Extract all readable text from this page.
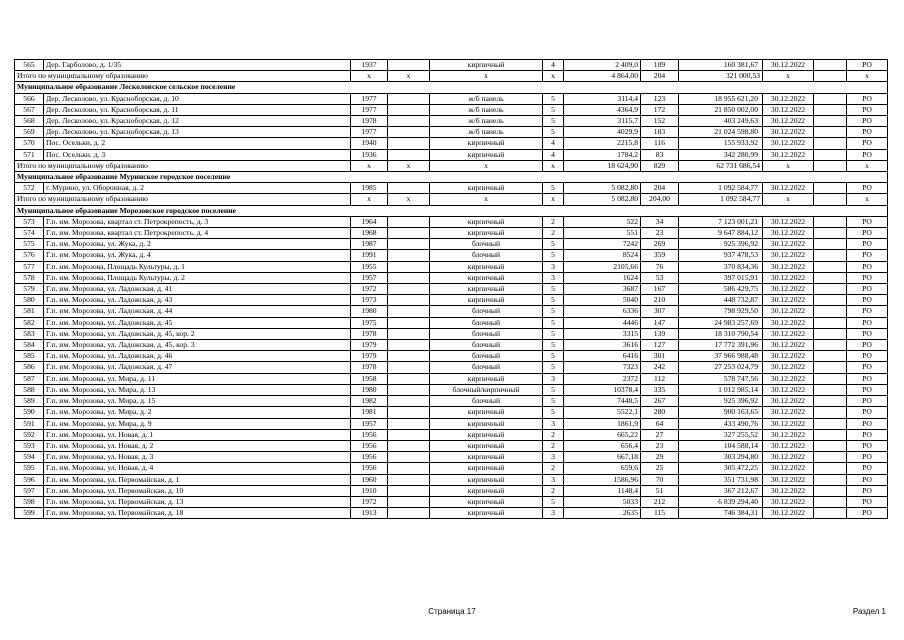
565	Дер. Гарболово, д. 1/35	1937		кирпичный	4	2 409,0	109	160 381,67	30.12.2022		РО
Итого по муниципальному образованию		х	х	х	х	4 864,00	204	321 000,53	х		х
Муниципальное образование Лесколовское сельское поселение											
566	Дер. Лесколово, ул. Красноборская, д. 10	1977		ж/б панель	5	3114,4	123	18 955 621,20	30.12.2022		РО
567	Дер. Лесколово, ул. Красноборская, д. 11	1977		ж/б панель	5	4364,9	172	21 850 002,00	30.12.2022		РО
568	Дер. Лесколово, ул. Красноборская, д. 12	1978		ж/б панель	5	3115,7	152	403 249,63	30.12.2022		РО
569	Дер. Лесколово, ул. Красноборская, д. 13	1977		ж/б панель	5	4029,9	183	21 024 598,80	30.12.2022		РО
570	Пос. Осельки, д. 2	1940		кирпичный	4	2215,8	116	155 933,92	30.12.2022		РО
571	Пос. Осельки, д. 3	1936		кирпичный	4	1784,2	83	342 280,99	30.12.2022		РО
Итого по муниципальному образованию		х	х	х	х	18 624,90	829	62 731 686,54	х		х
Муниципальное образование Муринское городское поселение											
572	г. Мурино, ул. Оборонная, д. 2	1985		кирпичный	5	5 082,80	204	1 092 584,77	30.12.2022		РО
Итого по муниципальному образованию		х	х	х	х	5 082,80	204,00	1 092 584,77	х		х
Муниципальное образование Морозовское городское поселение											
573	Г.п. им. Морозова, квартал ст. Петрокрепость, д. 3	1964		кирпичный	2	522	34	7 123 001,21	30.12.2022		РО
574	Г.п. им. Морозова, квартал ст. Петрокрепость, д. 4	1968		кирпичный	2	551	23	9 647 884,12	30.12.2022		РО
575	Г.п. им. Морозова, ул. Жука, д. 2	1987		блочный	5	7242	269	925 396,92	30.12.2022		РО
576	Г.п. им. Морозова, ул. Жука, д. 4	1991		блочный	5	8524	359	937 478,53	30.12.2022		РО
577	Г.п. им. Морозова, Площадь Культуры, д. 1	1955		кирпичный	3	2105,66	76	370 834,36	30.12.2022		РО
578	Г.п. им. Морозова, Площадь Культуры, д. 2	1957		кирпичный	3	1624	53	397 015,91	30.12.2022		РО
579	Г.п. им. Морозова, ул. Ладожская, д. 41	1972		кирпичный	5	3687	167	586 429,75	30.12.2022		РО
580	Г.п. им. Морозова, ул. Ладожская, д. 43	1973		кирпичный	5	5040	210	448 732,87	30.12.2022		РО
581	Г.п. им. Морозова, ул. Ладожская, д. 44	1980		блочный	5	6336	307	798 929,50	30.12.2022		РО
582	Г.п. им. Морозова, ул. Ладожская, д. 45	1975		блочный	5	4446	147	24 983 257,69	30.12.2022		РО
583	Г.п. им. Морозова, ул. Ладожская, д. 45, кор. 2	1978		блочный	5	3315	139	18 310 790,54	30.12.2022		РО
584	Г.п. им. Морозова, ул. Ладожская, д. 45, кор. 3	1979		блочный	5	3616	127	17 772 391,96	30.12.2022		РО
585	Г.п. им. Морозова, ул. Ладожская, д. 46	1979		блочный	5	6416	301	37 966 988,48	30.12.2022		РО
586	Г.п. им. Морозова, ул. Ладожская, д. 47	1978		блочный	5	7323	242	27 253 024,79	30.12.2022		РО
587	Г.п. им. Морозова, ул. Мира, д. 11	1958		кирпичный	3	2372	112	578 747,56	30.12.2022		РО
588	Г.п. им. Морозова, ул. Мира, д. 13	1980		блочный/кирпичный	5	10378,4	335	1 012 985,14	30.12.2022		РО
589	Г.п. им. Морозова, ул. Мира, д. 15	1982		блочный	5	7448,5	267	925 396,92	30.12.2022		РО
590	Г.п. им. Морозова, ул. Мира, д. 2	1981		кирпичный	5	5522,1	280	900 163,65	30.12.2022		РО
591	Г.п. им. Морозова, ул. Мира, д. 9	1957		кирпичный	3	1861,9	64	433 490,76	30.12.2022		РО
592	Г.п. им. Морозова, ул. Новая, д. 1	1956		кирпичный	2	665,22	27	327 255,52	30.12.2022		РО
593	Г.п. им. Морозова, ул. Новая, д. 2	1956		кирпичный	2	656,4	23	104 588,14	30.12.2022		РО
594	Г.п. им. Морозова, ул. Новая, д. 3	1956		кирпичный	3	667,18	29	303 294,80	30.12.2022		РО
595	Г.п. им. Морозова, ул. Новая, д. 4	1956		кирпичный	2	659,6	25	305 472,25	30.12.2022		РО
596	Г.п. им. Морозова, ул. Первомайская, д. 1	1960		кирпичный	3	1586,96	70	351 731,98	30.12.2022		РО
597	Г.п. им. Морозова, ул. Первомайская, д. 10	1910		кирпичный	2	1148,4	51	367 212,67	30.12.2022		РО
598	Г.п. им. Морозова, ул. Первомайская, д. 13	1972		кирпичный	5	5033	212	6 839 294,40	30.12.2022		РО
599	Г.п. им. Морозова, ул. Первомайская, д. 18	1913		кирпичный	3	2635	115	746 384,31	30.12.2022		РО
Страница 17	Раздел 1
